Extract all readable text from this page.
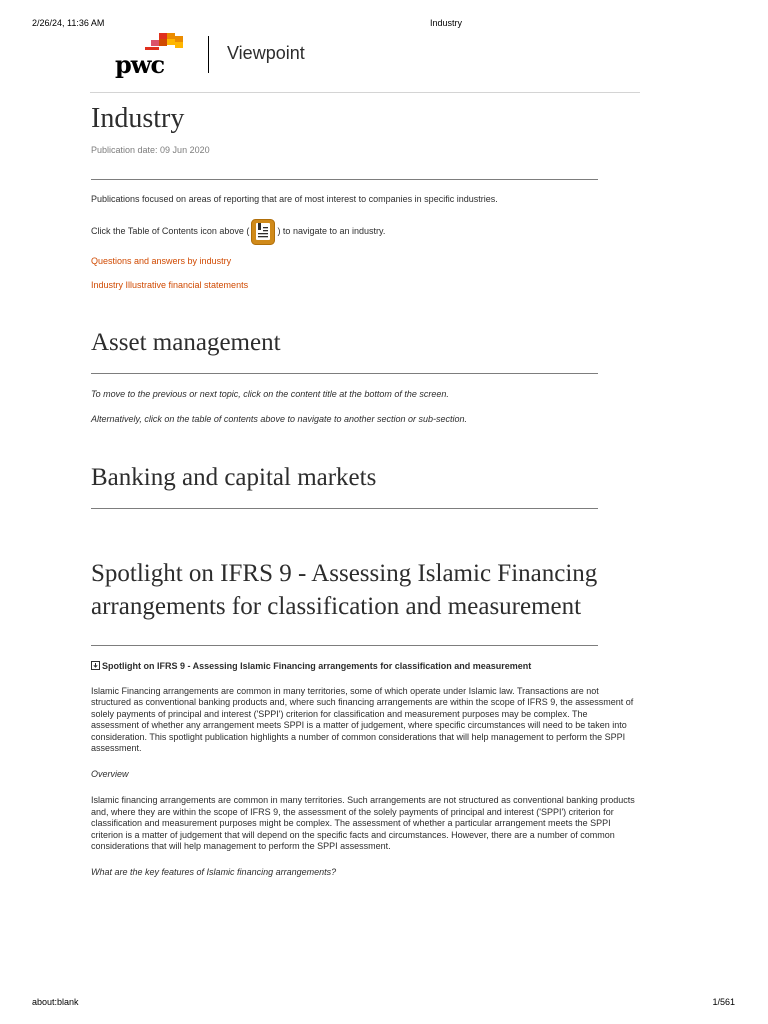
2/26/24, 11:36 AM	Industry
pwc	Viewpoint
Industry
Publication date: 09 Jun 2020
Publications focused on areas of reporting that are of most interest to companies in specific industries.
Click the Table of Contents icon above (	) to navigate to an industry.
Questions and answers by industry
Industry Illustrative financial statements
Asset management
To move to the previous or next topic, click on the content title at the bottom of the screen.
Alternatively, click on the table of contents above to navigate to another section or sub-section.
Banking and capital markets
Spotlight on IFRS 9 - Assessing Islamic Financing arrangements for classification and measurement
Spotlight on IFRS 9 - Assessing Islamic Financing arrangements for classification and measurement
Islamic Financing arrangements are common in many territories, some of which operate under Islamic law. Transactions are not structured as conventional banking products and, where such financing arrangements are within the scope of IFRS 9, the assessment of solely payments of principal and interest ('SPPI') criterion for classification and measurement purposes may be complex. The assessment of whether any arrangement meets SPPI is a matter of judgement, where specific circumstances will need to be taken into consideration. This spotlight publication highlights a number of common considerations that will help management to perform the SPPI assessment.
Overview
Islamic financing arrangements are common in many territories. Such arrangements are not structured as conventional banking products and, where they are within the scope of IFRS 9, the assessment of the solely payments of principal and interest ('SPPI') criterion for classification and measurement purposes might be complex. The assessment of whether a particular arrangement meets the SPPI criterion is a matter of judgement that will depend on the specific facts and circumstances. However, there are a number of common considerations that will help management to perform the SPPI assessment.
What are the key features of Islamic financing arrangements?
about:blank	1/561
